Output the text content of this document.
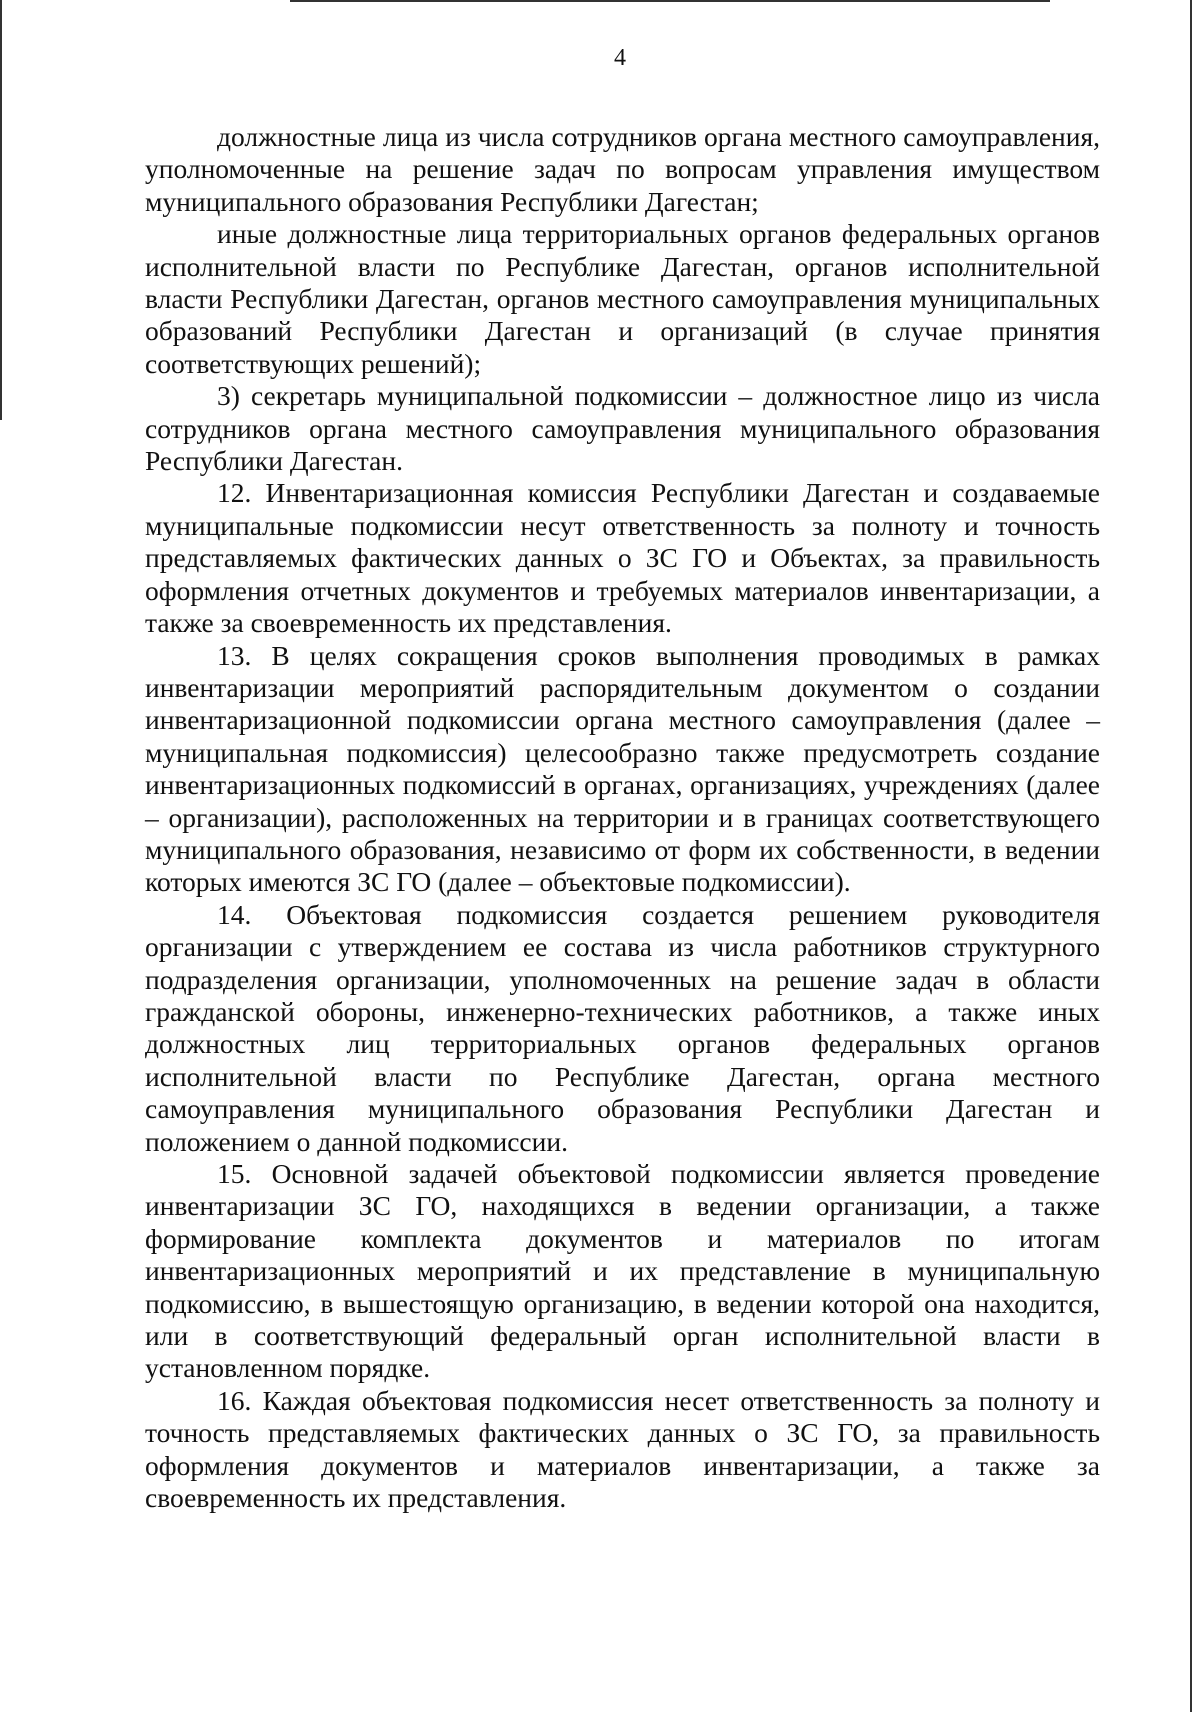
4

должностные лица из числа сотрудников органа местного самоуправления, уполномоченные на решение задач по вопросам управления имуществом муниципального образования Республики Дагестан;

иные должностные лица территориальных органов федеральных органов исполнительной власти по Республике Дагестан, органов исполнительной власти Республики Дагестан, органов местного самоуправления муниципальных образований Республики Дагестан и организаций (в случае принятия соответствующих решений);

3) секретарь муниципальной подкомиссии – должностное лицо из числа сотрудников органа местного самоуправления муниципального образования Республики Дагестан.

12. Инвентаризационная комиссия Республики Дагестан и создаваемые муниципальные подкомиссии несут ответственность за полноту и точность представляемых фактических данных о ЗС ГО и Объектах, за правильность оформления отчетных документов и требуемых материалов инвентаризации, а также за своевременность их представления.

13. В целях сокращения сроков выполнения проводимых в рамках инвентаризации мероприятий распорядительным документом о создании инвентаризационной подкомиссии органа местного самоуправления (далее – муниципальная подкомиссия) целесообразно также предусмотреть создание инвентаризационных подкомиссий в органах, организациях, учреждениях (далее – организации), расположенных на территории и в границах соответствующего муниципального образования, независимо от форм их собственности, в ведении которых имеются ЗС ГО (далее – объектовые подкомиссии).

14. Объектовая подкомиссия создается решением руководителя организации с утверждением ее состава из числа работников структурного подразделения организации, уполномоченных на решение задач в области гражданской обороны, инженерно-технических работников, а также иных должностных лиц территориальных органов федеральных органов исполнительной власти по Республике Дагестан, органа местного самоуправления муниципального образования Республики Дагестан и положением о данной подкомиссии.

15. Основной задачей объектовой подкомиссии является проведение инвентаризации ЗС ГО, находящихся в ведении организации, а также формирование комплекта документов и материалов по итогам инвентаризационных мероприятий и их представление в муниципальную подкомиссию, в вышестоящую организацию, в ведении которой она находится, или в соответствующий федеральный орган исполнительной власти в установленном порядке.

16. Каждая объектовая подкомиссия несет ответственность за полноту и точность представляемых фактических данных о ЗС ГО, за правильность оформления документов и материалов инвентаризации, а также за своевременность их представления.
